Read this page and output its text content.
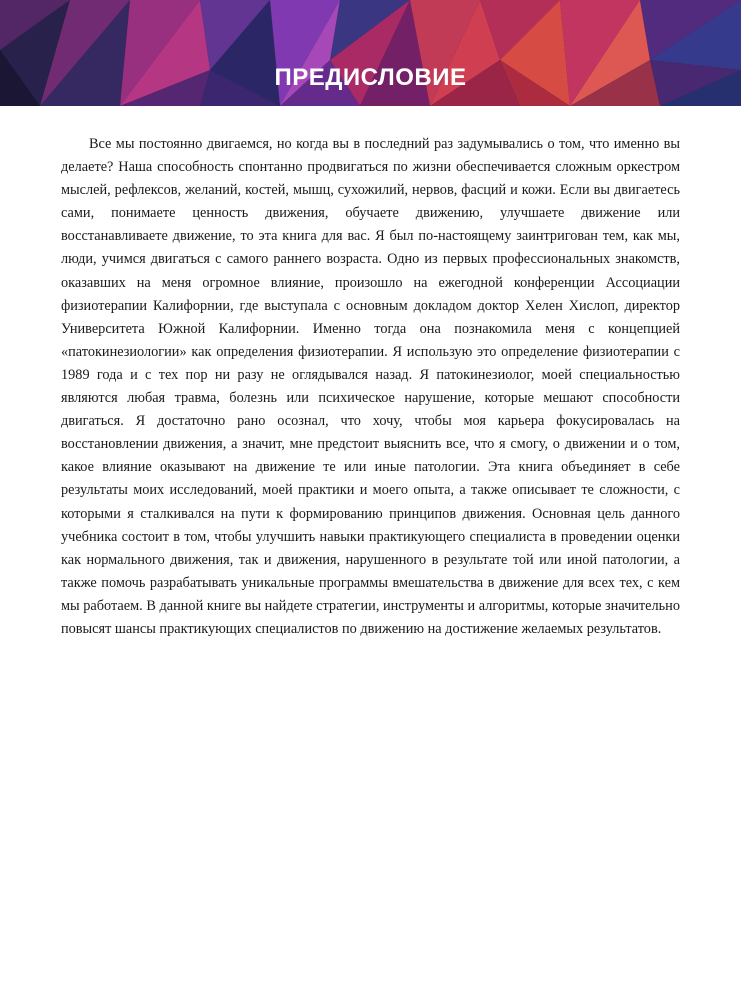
ПРЕДИСЛОВИЕ

Все мы постоянно двигаемся, но когда вы в последний раз задумывались о том, что именно вы делаете? Наша способность спонтанно продвигаться по жизни обеспечивается сложным оркестром мыслей, рефлексов, желаний, костей, мышц, сухожилий, нервов, фасций и кожи. Если вы двигаетесь сами, понимаете ценность движения, обучаете движению, улучшаете движение или восстанавливаете движение, то эта книга для вас. Я был по-настоящему заинтригован тем, как мы, люди, учимся двигаться с самого раннего возраста. Одно из первых профессиональных знакомств, оказавших на меня огромное влияние, произошло на ежегодной конференции Ассоциации физиотерапии Калифорнии, где выступала с основным докладом доктор Хелен Хислоп, директор Университета Южной Калифорнии. Именно тогда она познакомила меня с концепцией «патокинезиологии» как определения физиотерапии. Я использую это определение физиотерапии с 1989 года и с тех пор ни разу не оглядывался назад. Я патокинезиолог, моей специальностью являются любая травма, болезнь или психическое нарушение, которые мешают способности двигаться. Я достаточно рано осознал, что хочу, чтобы моя карьера фокусировалась на восстановлении движения, а значит, мне предстоит выяснить все, что я смогу, о движении и о том, какое влияние оказывают на движение те или иные патологии. Эта книга объединяет в себе результаты моих исследований, моей практики и моего опыта, а также описывает те сложности, с которыми я сталкивался на пути к формированию принципов движения. Основная цель данного учебника состоит в том, чтобы улучшить навыки практикующего специалиста в проведении оценки как нормального движения, так и движения, нарушенного в результате той или иной патологии, а также помочь разрабатывать уникальные программы вмешательства в движение для всех тех, с кем мы работаем. В данной книге вы найдете стратегии, инструменты и алгоритмы, которые значительно повысят шансы практикующих специалистов по движению на достижение желаемых результатов.
